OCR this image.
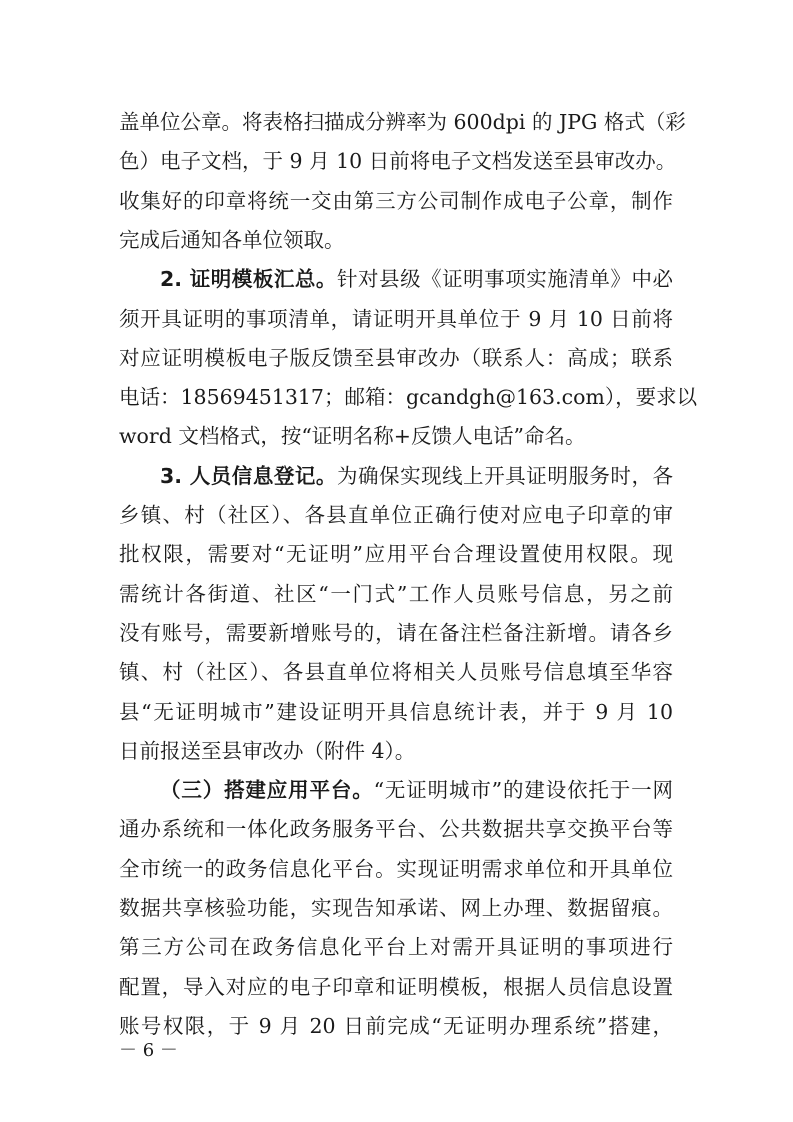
盖单位公章。将表格扫描成分辨率为 600dpi 的 JPG 格式（彩
色）电子文档，于 9 月 10 日前将电子文档发送至县审改办。
收集好的印章将统一交由第三方公司制作成电子公章，制作
完成后通知各单位领取。
2. 证明模板汇总。针对县级《证明事项实施清单》中必
须开具证明的事项清单，请证明开具单位于 9 月 10 日前将
对应证明模板电子版反馈至县审改办（联系人：高成；联系
电话：18569451317；邮箱：gcandgh@163.com），要求以
word 文档格式，按“证明名称+反馈人电话”命名。
3. 人员信息登记。为确保实现线上开具证明服务时，各
乡镇、村（社区）、各县直单位正确行使对应电子印章的审
批权限，需要对“无证明”应用平台合理设置使用权限。现
需统计各街道、社区“一门式”工作人员账号信息，另之前
没有账号，需要新增账号的，请在备注栏备注新增。请各乡
镇、村（社区）、各县直单位将相关人员账号信息填至华容
县“无证明城市”建设证明开具信息统计表，并于 9 月 10
日前报送至县审改办（附件 4）。
（三）搭建应用平台。“无证明城市”的建设依托于一网
通办系统和一体化政务服务平台、公共数据共享交换平台等
全市统一的政务信息化平台。实现证明需求单位和开具单位
数据共享核验功能，实现告知承诺、网上办理、数据留痕。
第三方公司在政务信息化平台上对需开具证明的事项进行
配置，导入对应的电子印章和证明模板，根据人员信息设置
账号权限，于 9 月 20 日前完成“无证明办理系统”搭建，
－ 6 －
